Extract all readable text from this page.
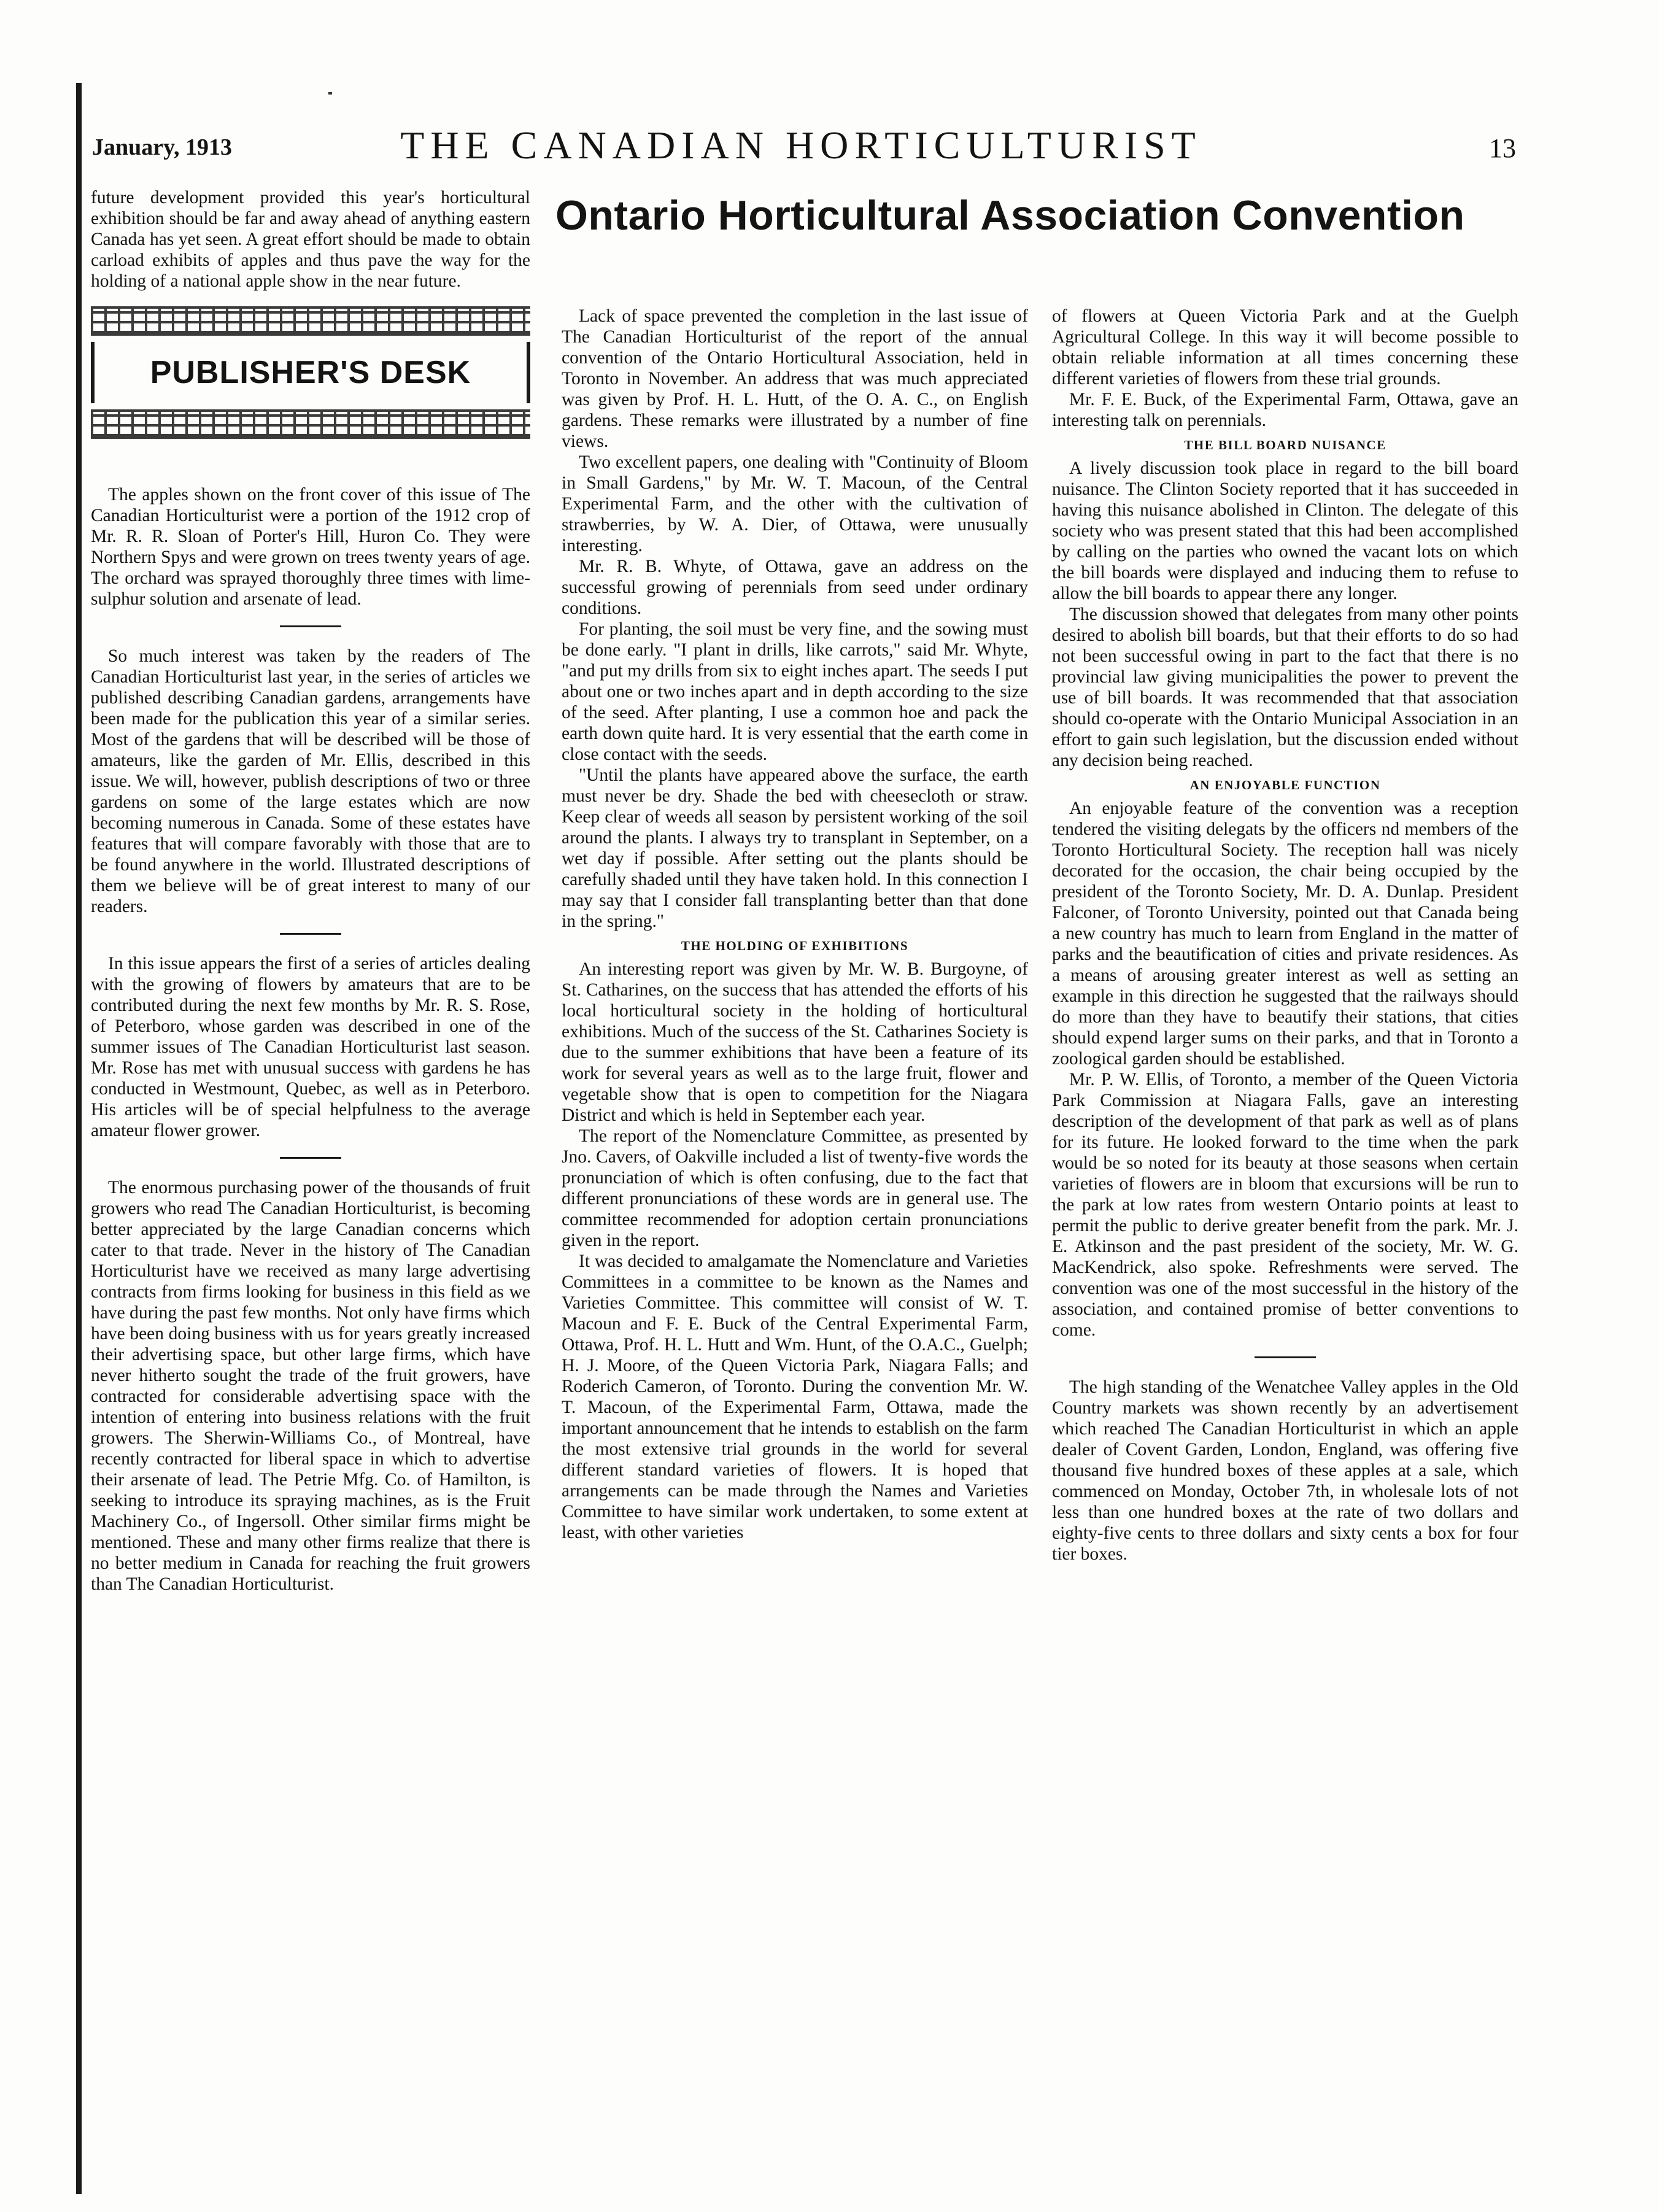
January, 1913	THE CANADIAN HORTICULTURIST	13
Ontario Horticultural Association Convention

future development provided this year's horticultural exhibition should be far and away ahead of anything eastern Canada has yet seen. A great effort should be made to obtain carload exhibits of apples and thus pave the way for the holding of a national apple show in the near future.

PUBLISHER'S DESK

The apples shown on the front cover of this issue of The Canadian Horticulturist were a portion of the 1912 crop of Mr. R. R. Sloan of Porter's Hill, Huron Co. They were Northern Spys and were grown on trees twenty years of age. The orchard was sprayed thoroughly three times with lime-sulphur solution and arsenate of lead.

So much interest was taken by the readers of The Canadian Horticulturist last year, in the series of articles we published describing Canadian gardens, arrangements have been made for the publication this year of a similar series. Most of the gardens that will be described will be those of amateurs, like the garden of Mr. Ellis, described in this issue. We will, however, publish descriptions of two or three gardens on some of the large estates which are now becoming numerous in Canada. Some of these estates have features that will compare favorably with those that are to be found anywhere in the world. Illustrated descriptions of them we believe will be of great interest to many of our readers.

In this issue appears the first of a series of articles dealing with the growing of flowers by amateurs that are to be contributed during the next few months by Mr. R. S. Rose, of Peterboro, whose garden was described in one of the summer issues of The Canadian Horticulturist last season. Mr. Rose has met with unusual success with gardens he has conducted in Westmount, Quebec, as well as in Peterboro. His articles will be of special helpfulness to the average amateur flower grower.

The enormous purchasing power of the thousands of fruit growers who read The Canadian Horticulturist, is becoming better appreciated by the large Canadian concerns which cater to that trade. Never in the history of The Canadian Horticulturist have we received as many large advertising contracts from firms looking for business in this field as we have during the past few months. Not only have firms which have been doing business with us for years greatly increased their advertising space, but other large firms, which have never hitherto sought the trade of the fruit growers, have contracted for considerable advertising space with the intention of entering into business relations with the fruit growers. The Sherwin-Williams Co., of Montreal, have recently contracted for liberal space in which to advertise their arsenate of lead. The Petrie Mfg. Co. of Hamilton, is seeking to introduce its spraying machines, as is the Fruit Machinery Co., of Ingersoll. Other similar firms might be mentioned. These and many other firms realize that there is no better medium in Canada for reaching the fruit growers than The Canadian Horticulturist.

Lack of space prevented the completion in the last issue of The Canadian Horticulturist of the report of the annual convention of the Ontario Horticultural Association, held in Toronto in November. An address that was much appreciated was given by Prof. H. L. Hutt, of the O. A. C., on English gardens. These remarks were illustrated by a number of fine views.

Two excellent papers, one dealing with "Continuity of Bloom in Small Gardens," by Mr. W. T. Macoun, of the Central Experimental Farm, and the other with the cultivation of strawberries, by W. A. Dier, of Ottawa, were unusually interesting.

Mr. R. B. Whyte, of Ottawa, gave an address on the successful growing of perennials from seed under ordinary conditions.

For planting, the soil must be very fine, and the sowing must be done early. "I plant in drills, like carrots," said Mr. Whyte, "and put my drills from six to eight inches apart. The seeds I put about one or two inches apart and in depth according to the size of the seed. After planting, I use a common hoe and pack the earth down quite hard. It is very essential that the earth come in close contact with the seeds.

"Until the plants have appeared above the surface, the earth must never be dry. Shade the bed with cheesecloth or straw. Keep clear of weeds all season by persistent working of the soil around the plants. I always try to transplant in September, on a wet day if possible. After setting out the plants should be carefully shaded until they have taken hold. In this connection I may say that I consider fall transplanting better than that done in the spring."

THE HOLDING OF EXHIBITIONS

An interesting report was given by Mr. W. B. Burgoyne, of St. Catharines, on the success that has attended the efforts of his local horticultural society in the holding of horticultural exhibitions. Much of the success of the St. Catharines Society is due to the summer exhibitions that have been a feature of its work for several years as well as to the large fruit, flower and vegetable show that is open to competition for the Niagara District and which is held in September each year.

The report of the Nomenclature Committee, as presented by Jno. Cavers, of Oakville included a list of twenty-five words the pronunciation of which is often confusing, due to the fact that different pronunciations of these words are in general use. The committee recommended for adoption certain pronunciations given in the report.

It was decided to amalgamate the Nomenclature and Varieties Committees in a committee to be known as the Names and Varieties Committee. This committee will consist of W. T. Macoun and F. E. Buck of the Central Experimental Farm, Ottawa, Prof. H. L. Hutt and Wm. Hunt, of the O.A.C., Guelph; H. J. Moore, of the Queen Victoria Park, Niagara Falls; and Roderich Cameron, of Toronto. During the convention Mr. W. T. Macoun, of the Experimental Farm, Ottawa, made the important announcement that he intends to establish on the farm the most extensive trial grounds in the world for several different standard varieties of flowers. It is hoped that arrangements can be made through the Names and Varieties Committee to have similar work undertaken, to some extent at least, with other varieties

of flowers at Queen Victoria Park and at the Guelph Agricultural College. In this way it will become possible to obtain reliable information at all times concerning these different varieties of flowers from these trial grounds.

Mr. F. E. Buck, of the Experimental Farm, Ottawa, gave an interesting talk on perennials.

THE BILL BOARD NUISANCE

A lively discussion took place in regard to the bill board nuisance. The Clinton Society reported that it has succeeded in having this nuisance abolished in Clinton. The delegate of this society who was present stated that this had been accomplished by calling on the parties who owned the vacant lots on which the bill boards were displayed and inducing them to refuse to allow the bill boards to appear there any longer.

The discussion showed that delegates from many other points desired to abolish bill boards, but that their efforts to do so had not been successful owing in part to the fact that there is no provincial law giving municipalities the power to prevent the use of bill boards. It was recommended that that association should co-operate with the Ontario Municipal Association in an effort to gain such legislation, but the discussion ended without any decision being reached.

AN ENJOYABLE FUNCTION

An enjoyable feature of the convention was a reception tendered the visiting delegats by the officers nd members of the Toronto Horticultural Society. The reception hall was nicely decorated for the occasion, the chair being occupied by the president of the Toronto Society, Mr. D. A. Dunlap. President Falconer, of Toronto University, pointed out that Canada being a new country has much to learn from England in the matter of parks and the beautification of cities and private residences. As a means of arousing greater interest as well as setting an example in this direction he suggested that the railways should do more than they have to beautify their stations, that cities should expend larger sums on their parks, and that in Toronto a zoological garden should be established.

Mr. P. W. Ellis, of Toronto, a member of the Queen Victoria Park Commission at Niagara Falls, gave an interesting description of the development of that park as well as of plans for its future. He looked forward to the time when the park would be so noted for its beauty at those seasons when certain varieties of flowers are in bloom that excursions will be run to the park at low rates from western Ontario points at least to permit the public to derive greater benefit from the park. Mr. J. E. Atkinson and the past president of the society, Mr. W. G. MacKendrick, also spoke. Refreshments were served. The convention was one of the most successful in the history of the association, and contained promise of better conventions to come.

The high standing of the Wenatchee Valley apples in the Old Country markets was shown recently by an advertisement which reached The Canadian Horticulturist in which an apple dealer of Covent Garden, London, England, was offering five thousand five hundred boxes of these apples at a sale, which commenced on Monday, October 7th, in wholesale lots of not less than one hundred boxes at the rate of two dollars and eighty-five cents to three dollars and sixty cents a box for four tier boxes.
